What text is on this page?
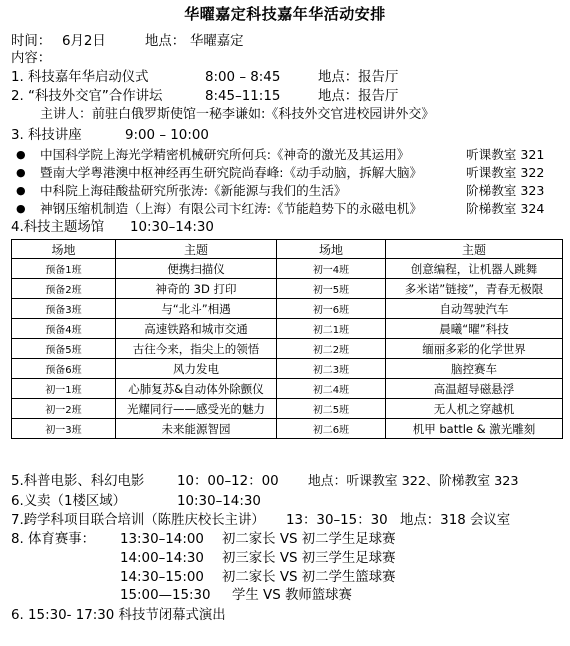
华曜嘉定科技嘉年华活动安排
时间： 6月2日	地点： 华曜嘉定
内容：
1. 科技嘉年华启动仪式	8:00 – 8:45	地点：报告厅
2. “科技外交官”合作讲坛	8:45–11:15	地点：报告厅
主讲人：前驻白俄罗斯使馆一秘李谦如:《科技外交官进校园讲外交》
3. 科技讲座	9:00 – 10:00
● 中国科学院上海光学精密机械研究所何兵:《神奇的激光及其运用》	听课教室 321
● 暨南大学粤港澳中枢神经再生研究院尚春峰:《动手动脑，拆解大脑》	听课教室 322
● 中科院上海硅酸盐研究所张涛:《新能源与我们的生活》	阶梯教室 323
● 神钢压缩机制造（上海）有限公司卞红涛:《节能趋势下的永磁电机》	阶梯教室 324
4.科技主题场馆 10:30–14:30
场地	主题	场地	主题
预备1班	便携扫描仪	初一4班	创意编程，让机器人跳舞
预备2班	神奇的 3D 打印	初一5班	多米诺”链接”，青春无极限
预备3班	与“北斗”相遇	初一6班	自动驾驶汽车
预备4班	高速铁路和城市交通	初二1班	晨曦“曜”科技
预备5班	古往今来，指尖上的领悟	初二2班	缅丽多彩的化学世界
预备6班	风力发电	初二3班	脑控赛车
初一1班	心肺复苏&自动体外除颤仪	初二4班	高温超导磁悬浮
初一2班	光耀同行——感受光的魅力	初二5班	无人机之穿越机
初一3班	未来能源智园	初二6班	机甲 battle & 激光雕刻
5.科普电影、科幻电影 10：00–12：00 地点：听课教室 322、阶梯教室 323
6.义卖（1楼区域）	10:30–14:30
7.跨学科项目联合培训（陈胜庆校长主讲） 13：30–15：30 地点：318 会议室
8. 体育赛事： 13:30–14:00 初二家长 VS 初二学生足球赛
14:00–14:30 初三家长 VS 初三学生足球赛
14:30–15:00 初二家长 VS 初二学生篮球赛
15:00—15:30 学生 VS 教师篮球赛
6. 15:30- 17:30 科技节闭幕式演出
